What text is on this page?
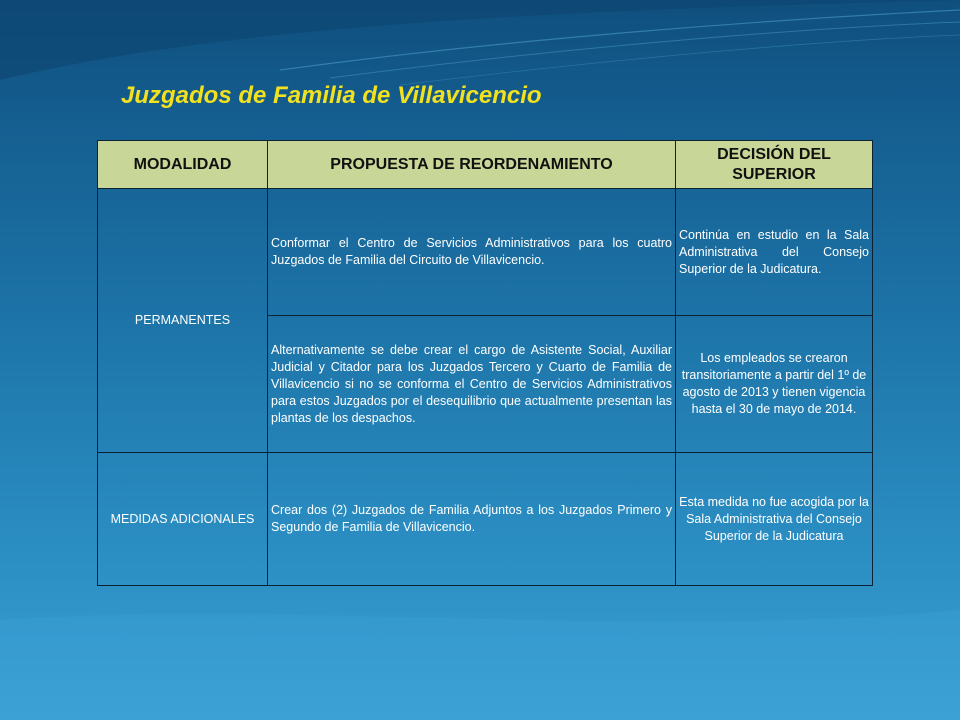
Juzgados de Familia de Villavicencio
MODALIDAD	PROPUESTA DE REORDENAMIENTO	DECISIÓN DEL SUPERIOR
PERMANENTES	Conformar el Centro de Servicios Administrativos para los cuatro Juzgados de Familia del Circuito de Villavicencio.	Continúa en estudio en la Sala Administrativa del Consejo Superior de la Judicatura.
	Alternativamente se debe crear el cargo de Asistente Social, Auxiliar Judicial y Citador para los Juzgados Tercero y Cuarto de Familia de Villavicencio si no se conforma el Centro de Servicios Administrativos para estos Juzgados por el desequilibrio que actualmente presentan las plantas de los despachos.	Los empleados se crearon transitoriamente a partir del 1º de agosto de 2013 y tienen vigencia hasta el 30 de mayo de 2014.
MEDIDAS ADICIONALES	Crear dos (2) Juzgados de Familia Adjuntos a los Juzgados Primero y Segundo de Familia de Villavicencio.	Esta medida no fue acogida por la Sala Administrativa del Consejo Superior de la Judicatura
